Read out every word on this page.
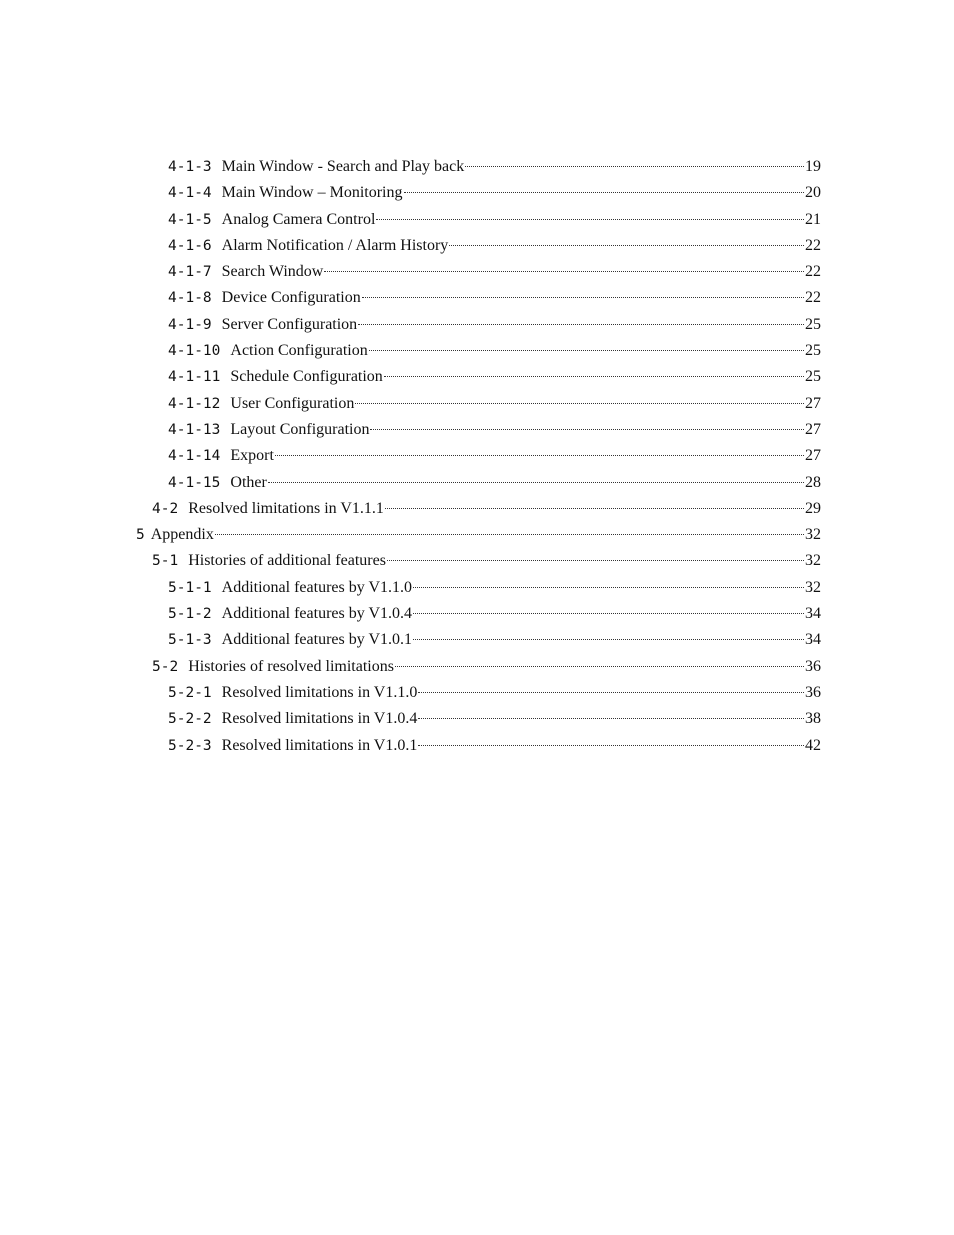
4-1-3 Main Window - Search and Play back	19
4-1-4 Main Window – Monitoring	20
4-1-5 Analog Camera Control	21
4-1-6 Alarm Notification / Alarm History	22
4-1-7 Search Window	22
4-1-8 Device Configuration	22
4-1-9 Server Configuration	25
4-1-10 Action Configuration	25
4-1-11 Schedule Configuration	25
4-1-12 User Configuration	27
4-1-13 Layout Configuration	27
4-1-14 Export	27
4-1-15 Other	28
4-2 Resolved limitations in V1.1.1	29
5 Appendix	32
5-1 Histories of additional features	32
5-1-1 Additional features by V1.1.0	32
5-1-2 Additional features by V1.0.4	34
5-1-3 Additional features by V1.0.1	34
5-2 Histories of resolved limitations	36
5-2-1 Resolved limitations in V1.1.0	36
5-2-2 Resolved limitations in V1.0.4	38
5-2-3 Resolved limitations in V1.0.1	42
